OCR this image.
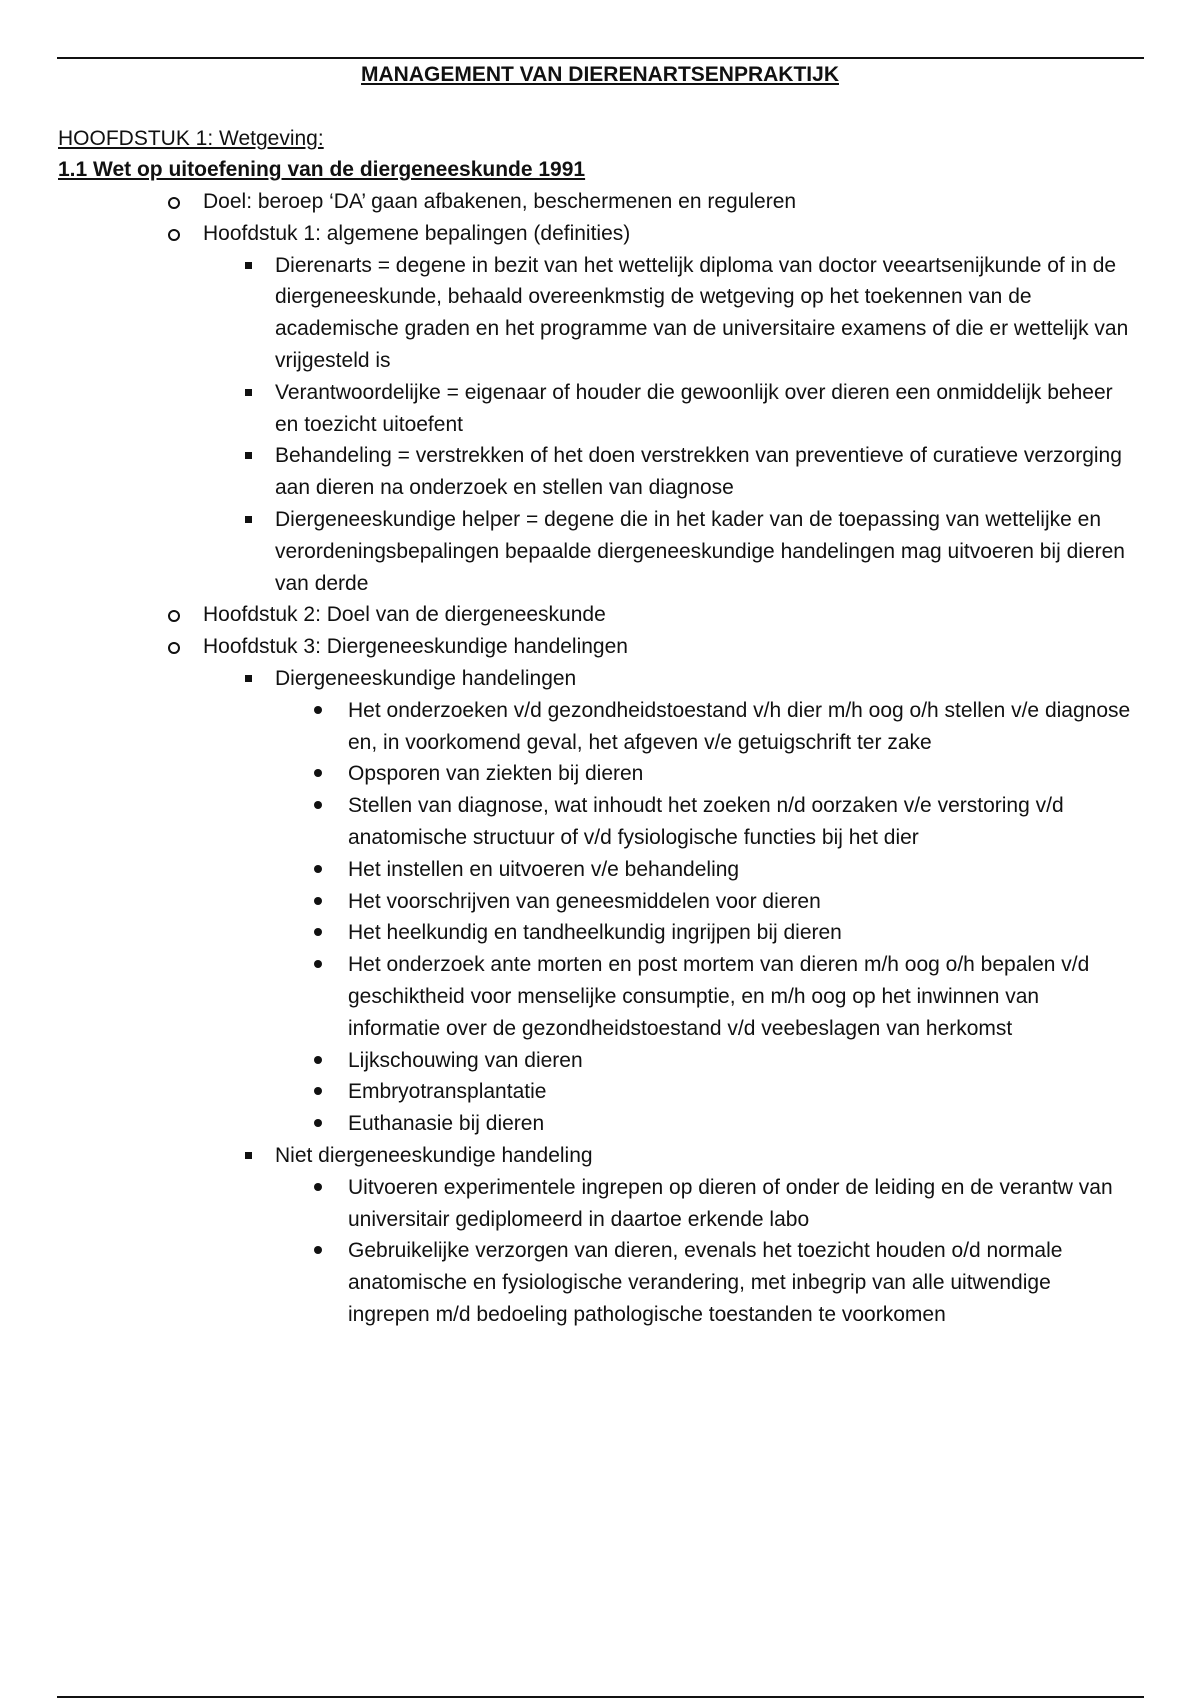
MANAGEMENT VAN DIERENARTSENPRAKTIJK

HOOFDSTUK 1: Wetgeving:

1.1 Wet op uitoefening van de diergeneeskunde 1991

Doel: beroep ‘DA’ gaan afbakenen, beschermenen en reguleren
Hoofdstuk 1: algemene bepalingen (definities)
Dierenarts = degene in bezit van het wettelijk diploma van doctor veeartsenijkunde of in de diergeneeskunde, behaald overeenkmstig de wetgeving op het toekennen van de academische graden en het programme van de universitaire examens of die er wettelijk van vrijgesteld is
Verantwoordelijke = eigenaar of houder die gewoonlijk over dieren een onmiddelijk beheer en toezicht uitoefent
Behandeling = verstrekken of het doen verstrekken van preventieve of curatieve verzorging aan dieren na onderzoek en stellen van diagnose
Diergeneeskundige helper = degene die in het kader van de toepassing van wettelijke en verordeningsbepalingen bepaalde diergeneeskundige handelingen mag uitvoeren bij dieren van derde
Hoofdstuk 2: Doel van de diergeneeskunde
Hoofdstuk 3: Diergeneeskundige handelingen
Diergeneeskundige handelingen
Het onderzoeken v/d gezondheidstoestand v/h dier m/h oog o/h stellen v/e diagnose en, in voorkomend geval, het afgeven v/e getuigschrift ter zake
Opsporen van ziekten bij dieren
Stellen van diagnose, wat inhoudt het zoeken n/d oorzaken v/e verstoring v/d anatomische structuur of v/d fysiologische functies bij het dier
Het instellen en uitvoeren v/e behandeling
Het voorschrijven van geneesmiddelen voor dieren
Het heelkundig en tandheelkundig ingrijpen bij dieren
Het onderzoek ante morten en post mortem van dieren m/h oog o/h bepalen v/d geschiktheid voor menselijke consumptie, en m/h oog op het inwinnen van informatie over de gezondheidstoestand v/d veebeslagen van herkomst
Lijkschouwing van dieren
Embryotransplantatie
Euthanasie bij dieren
Niet diergeneeskundige handeling
Uitvoeren experimentele ingrepen op dieren of onder de leiding en de verantw van universitair gediplomeerd in daartoe erkende labo
Gebruikelijke verzorgen van dieren, evenals het toezicht houden o/d normale anatomische en fysiologische verandering, met inbegrip van alle uitwendige ingrepen m/d bedoeling pathologische toestanden te voorkomen
